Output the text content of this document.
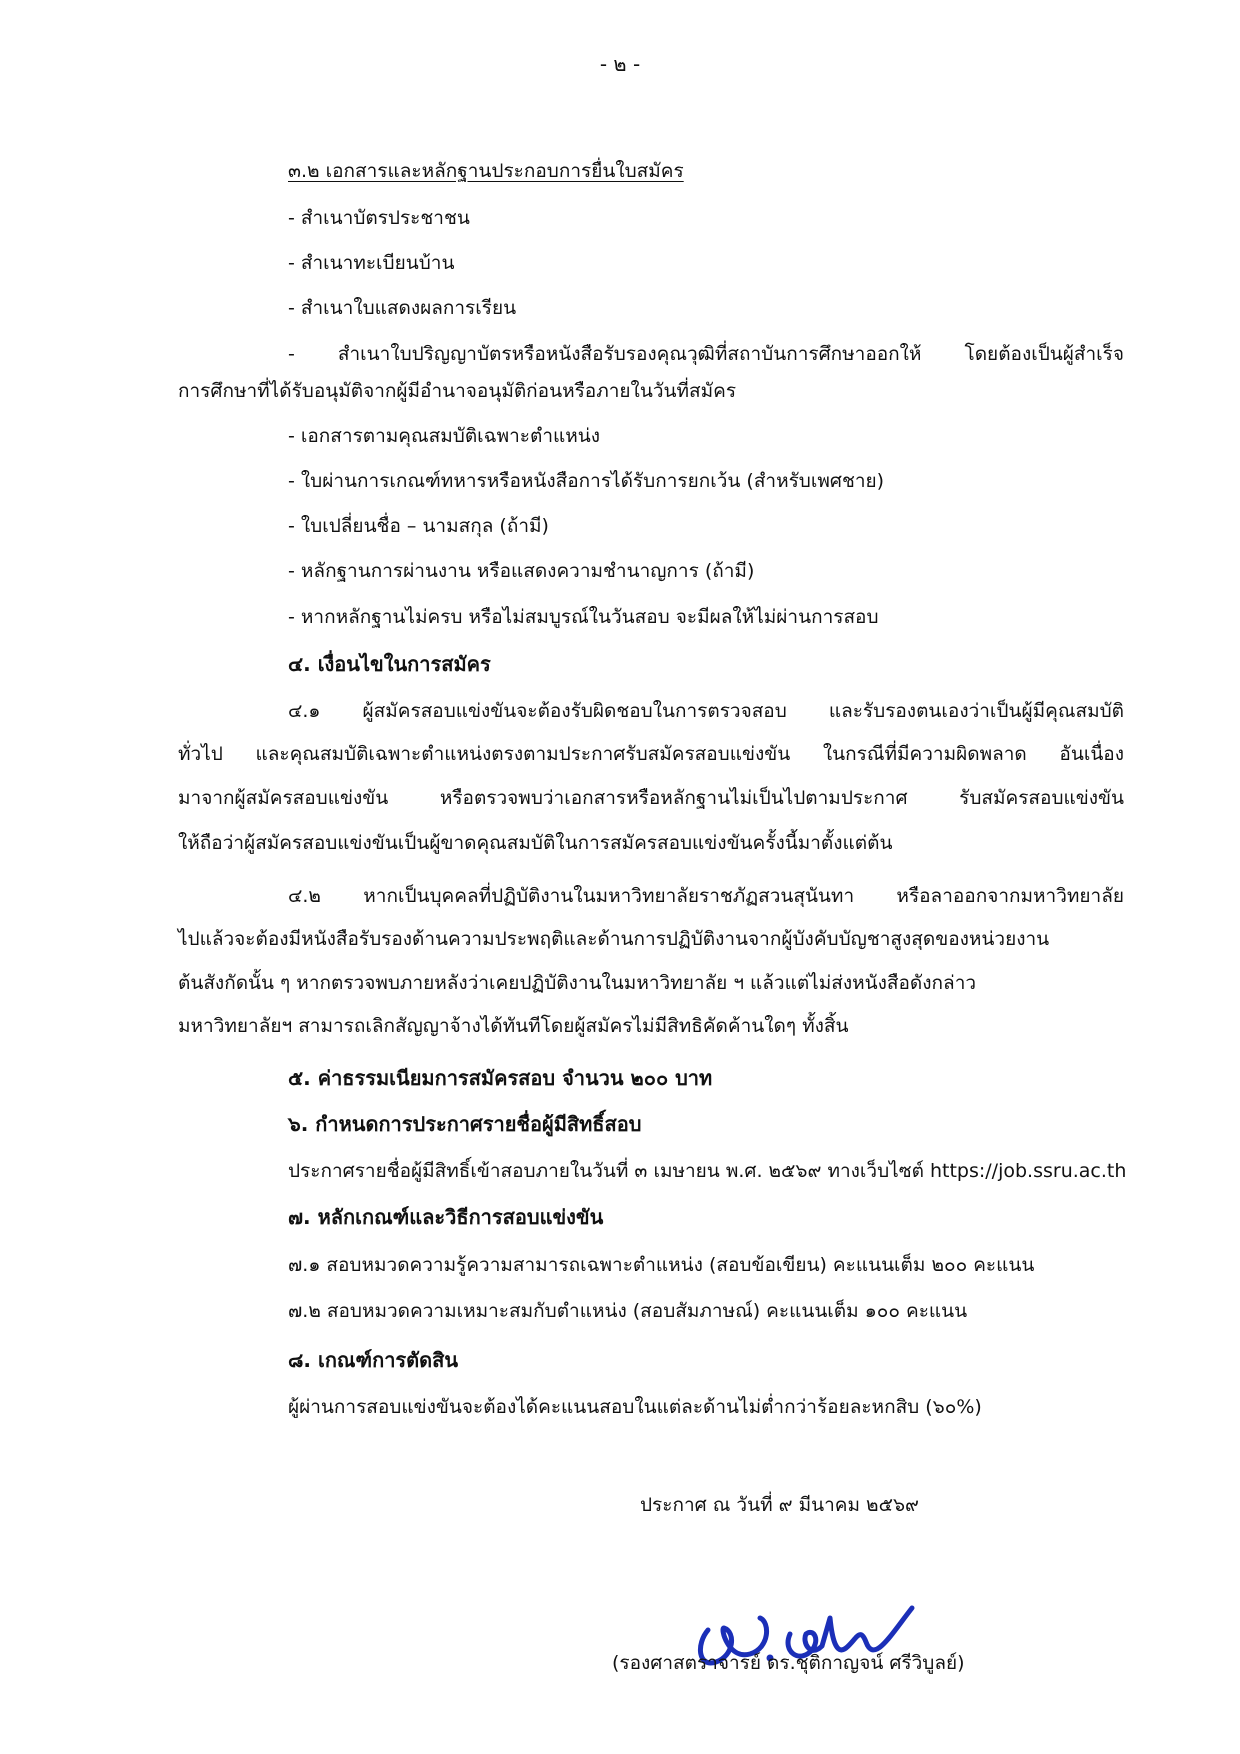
- ๒ -
๓.๒ เอกสารและหลักฐานประกอบการยื่นใบสมัคร
- สำเนาบัตรประชาชน
- สำเนาทะเบียนบ้าน
- สำเนาใบแสดงผลการเรียน
- สำเนาใบปริญญาบัตรหรือหนังสือรับรองคุณวุฒิที่สถาบันการศึกษาออกให้ โดยต้องเป็นผู้สำเร็จ
การศึกษาที่ได้รับอนุมัติจากผู้มีอำนาจอนุมัติก่อนหรือภายในวันที่สมัคร
- เอกสารตามคุณสมบัติเฉพาะตำแหน่ง
- ใบผ่านการเกณฑ์ทหารหรือหนังสือการได้รับการยกเว้น (สำหรับเพศชาย)
- ใบเปลี่ยนชื่อ – นามสกุล (ถ้ามี)
- หลักฐานการผ่านงาน หรือแสดงความชำนาญการ (ถ้ามี)
- หากหลักฐานไม่ครบ หรือไม่สมบูรณ์ในวันสอบ จะมีผลให้ไม่ผ่านการสอบ
๔. เงื่อนไขในการสมัคร
๔.๑ ผู้สมัครสอบแข่งขันจะต้องรับผิดชอบในการตรวจสอบ และรับรองตนเองว่าเป็นผู้มีคุณสมบัติ
ทั่วไป และคุณสมบัติเฉพาะตำแหน่งตรงตามประกาศรับสมัครสอบแข่งขัน ในกรณีที่มีความผิดพลาด อันเนื่อง
มาจากผู้สมัครสอบแข่งขัน หรือตรวจพบว่าเอกสารหรือหลักฐานไม่เป็นไปตามประกาศ รับสมัครสอบแข่งขัน
ให้ถือว่าผู้สมัครสอบแข่งขันเป็นผู้ขาดคุณสมบัติในการสมัครสอบแข่งขันครั้งนี้มาตั้งแต่ต้น
๔.๒ หากเป็นบุคคลที่ปฏิบัติงานในมหาวิทยาลัยราชภัฏสวนสุนันทา หรือลาออกจากมหาวิทยาลัย
ไปแล้วจะต้องมีหนังสือรับรองด้านความประพฤติและด้านการปฏิบัติงานจากผู้บังคับบัญชาสูงสุดของหน่วยงาน
ต้นสังกัดนั้น ๆ หากตรวจพบภายหลังว่าเคยปฏิบัติงานในมหาวิทยาลัย ฯ แล้วแต่ไม่ส่งหนังสือดังกล่าว
มหาวิทยาลัยฯ สามารถเลิกสัญญาจ้างได้ทันทีโดยผู้สมัครไม่มีสิทธิคัดค้านใดๆ ทั้งสิ้น
๕. ค่าธรรมเนียมการสมัครสอบ จำนวน ๒๐๐ บาท
๖. กำหนดการประกาศรายชื่อผู้มีสิทธิ์สอบ
ประกาศรายชื่อผู้มีสิทธิ์เข้าสอบภายในวันที่ ๓ เมษายน พ.ศ. ๒๕๖๙ ทางเว็บไซต์ https://job.ssru.ac.th
๗. หลักเกณฑ์และวิธีการสอบแข่งขัน
๗.๑ สอบหมวดความรู้ความสามารถเฉพาะตำแหน่ง (สอบข้อเขียน) คะแนนเต็ม ๒๐๐ คะแนน
๗.๒ สอบหมวดความเหมาะสมกับตำแหน่ง (สอบสัมภาษณ์) คะแนนเต็ม ๑๐๐ คะแนน
๘. เกณฑ์การตัดสิน
ผู้ผ่านการสอบแข่งขันจะต้องได้คะแนนสอบในแต่ละด้านไม่ต่ำกว่าร้อยละหกสิบ (๖๐%)
ประกาศ ณ วันที่ ๙ มีนาคม ๒๕๖๙
(รองศาสตราจารย์ ดร.ชุติกาญจน์ ศรีวิบูลย์)
